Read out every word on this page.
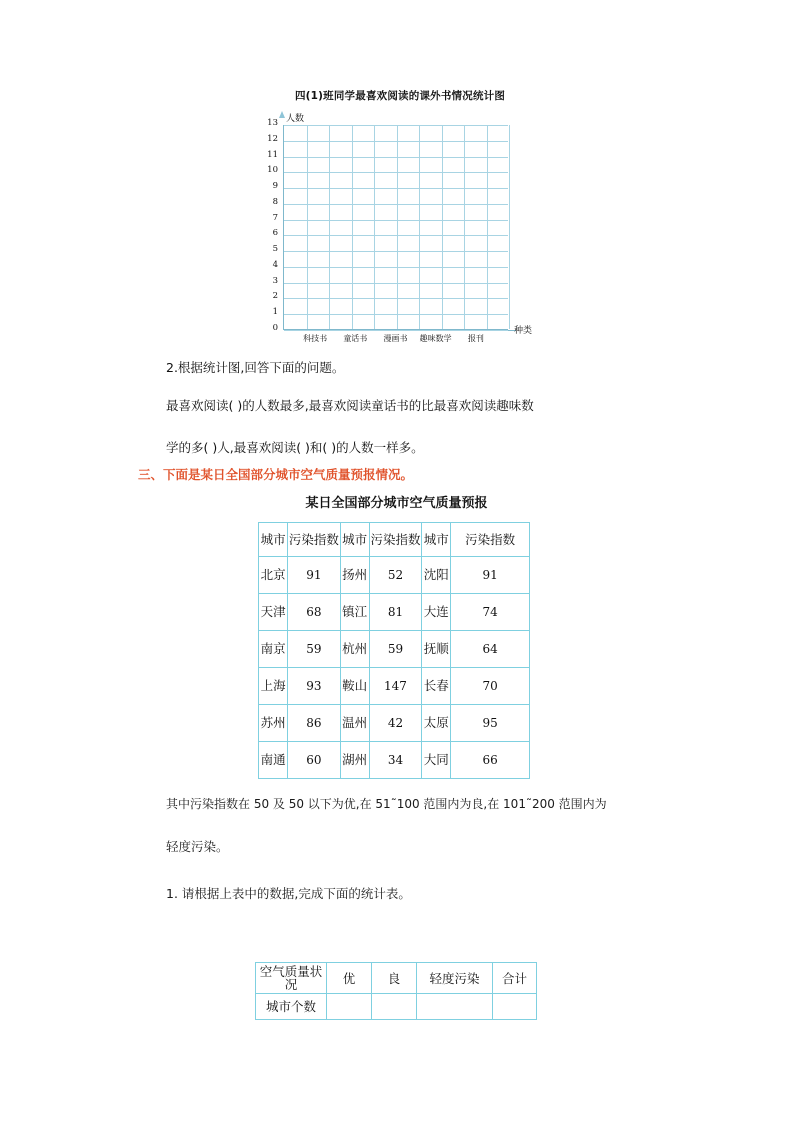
四(1)班同学最喜欢阅读的课外书情况统计图
人数
13
12
11
10
9
8
7
6
5
4
3
2
1
0
科技书 童话书 漫画书 趣味数学 报刊
种类
2.根据统计图,回答下面的问题。
最喜欢阅读( )的人数最多,最喜欢阅读童话书的比最喜欢阅读趣味数
学的多( )人,最喜欢阅读( )和( )的人数一样多。
三、下面是某日全国部分城市空气质量预报情况。
某日全国部分城市空气质量预报
城市	污染指数	城市	污染指数	城市	污染指数
北京	91	扬州	52	沈阳	91
天津	68	镇江	81	大连	74
南京	59	杭州	59	抚顺	64
上海	93	鞍山	147	长春	70
苏州	86	温州	42	太原	95
南通	60	湖州	34	大同	66
其中污染指数在 50 及 50 以下为优,在 51˜100 范围内为良,在 101˜200 范围内为
轻度污染。
1. 请根据上表中的数据,完成下面的统计表。
空气质量状况	优	良	轻度污染	合计
城市个数				
